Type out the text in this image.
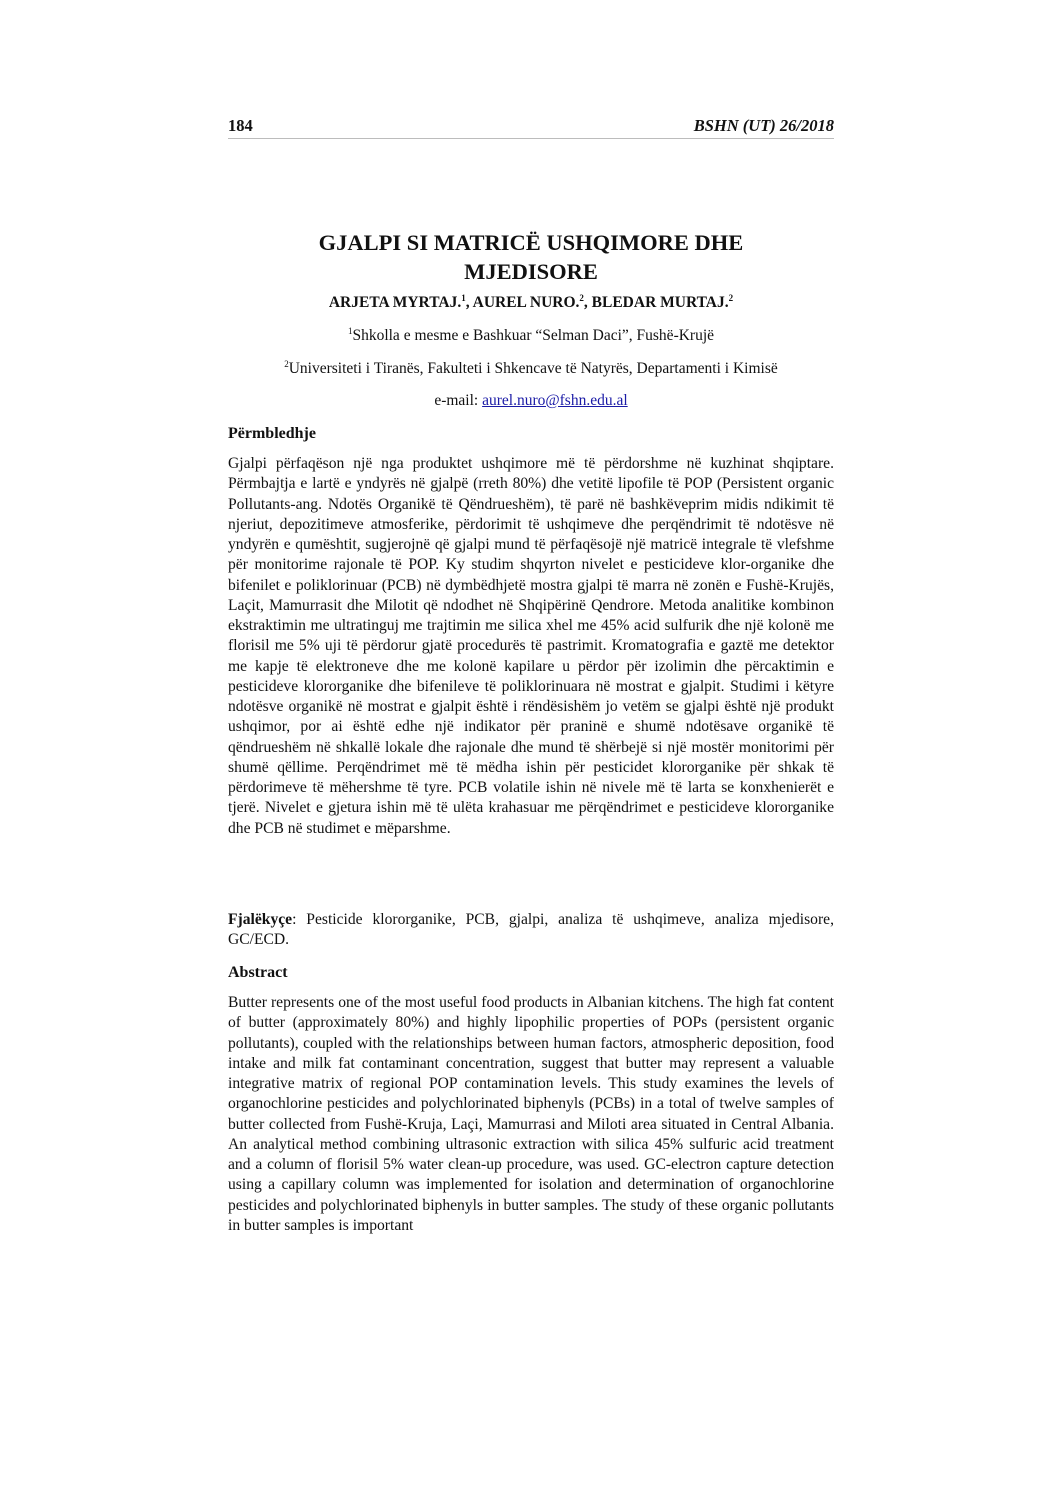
184	BSHN (UT) 26/2018
GJALPI SI MATRICË USHQIMORE DHE
MJEDISORE
ARJETA MYRTAJ.$^1$, AUREL NURO.$^2$, BLEDAR MURTAJ.$^2$
$^1$Shkolla e mesme e Bashkuar “Selman Daci”, Fushë-Krujë
$^2$Universiteti i Tiranës, Fakulteti i Shkencave të Natyrës, Departamenti i Kimisë
e-mail: aurel.nuro@fshn.edu.al
Përmbledhje

Gjalpi përfaqëson një nga produktet ushqimore më të përdorshme në kuzhinat shqiptare. Përmbajtja e lartë e yndyrës në gjalpë (rreth 80%) dhe vetitë lipofile të POP (Persistent organic Pollutants-ang. Ndotës Organikë të Qëndrueshëm), të parë në bashkëveprim midis ndikimit të njeriut, depozitimeve atmosferike, përdorimit të ushqimeve dhe perqëndrimit të ndotësve në yndyrën e qumështit, sugjerojnë që gjalpi mund të përfaqësojë një matricë integrale të vlefshme për monitorime rajonale të POP. Ky studim shqyrton nivelet e pesticideve klor-organike dhe bifenilet e poliklorinuar (PCB) në dymbëdhjetë mostra gjalpi të marra në zonën e Fushë-Krujës, Laçit, Mamurrasit dhe Milotit që ndodhet në Shqipërinë Qendrore. Metoda analitike kombinon ekstraktimin me ultratinguj me trajtimin me silica xhel me 45% acid sulfurik dhe një kolonë me florisil me 5% uji të përdorur gjatë procedurës të pastrimit. Kromatografia e gaztë me detektor me kapje të elektroneve dhe me kolonë kapilare u përdor për izolimin dhe përcaktimin e pesticideve klororganike dhe bifenileve të poliklorinuara në mostrat e gjalpit. Studimi i këtyre ndotësve organikë në mostrat e gjalpit është i rëndësishëm jo vetëm se gjalpi është një produkt ushqimor, por ai është edhe një indikator për praninë e shumë ndotësave organikë të qëndrueshëm në shkallë lokale dhe rajonale dhe mund të shërbejë si një mostër monitorimi për shumë qëllime. Perqëndrimet më të mëdha ishin për pesticidet klororganike për shkak të përdorimeve të mëhershme të tyre. PCB volatile ishin në nivele më të larta se konxhenierët e tjerë. Nivelet e gjetura ishin më të ulëta krahasuar me përqëndrimet e pesticideve klororganike dhe PCB në studimet e mëparshme.

Fjalëkyçe: Pesticide klororganike, PCB, gjalpi, analiza të ushqimeve, analiza mjedisore, GC/ECD.

Abstract

Butter represents one of the most useful food products in Albanian kitchens. The high fat content of butter (approximately 80%) and highly lipophilic properties of POPs (persistent organic pollutants), coupled with the relationships between human factors, atmospheric deposition, food intake and milk fat contaminant concentration, suggest that butter may represent a valuable integrative matrix of regional POP contamination levels. This study examines the levels of organochlorine pesticides and polychlorinated biphenyls (PCBs) in a total of twelve samples of butter collected from Fushë-Kruja, Laçi, Mamurrasi and Miloti area situated in Central Albania. An analytical method combining ultrasonic extraction with silica 45% sulfuric acid treatment and a column of florisil 5% water clean-up procedure, was used. GC-electron capture detection using a capillary column was implemented for isolation and determination of organochlorine pesticides and polychlorinated biphenyls in butter samples. The study of these organic pollutants in butter samples is important
